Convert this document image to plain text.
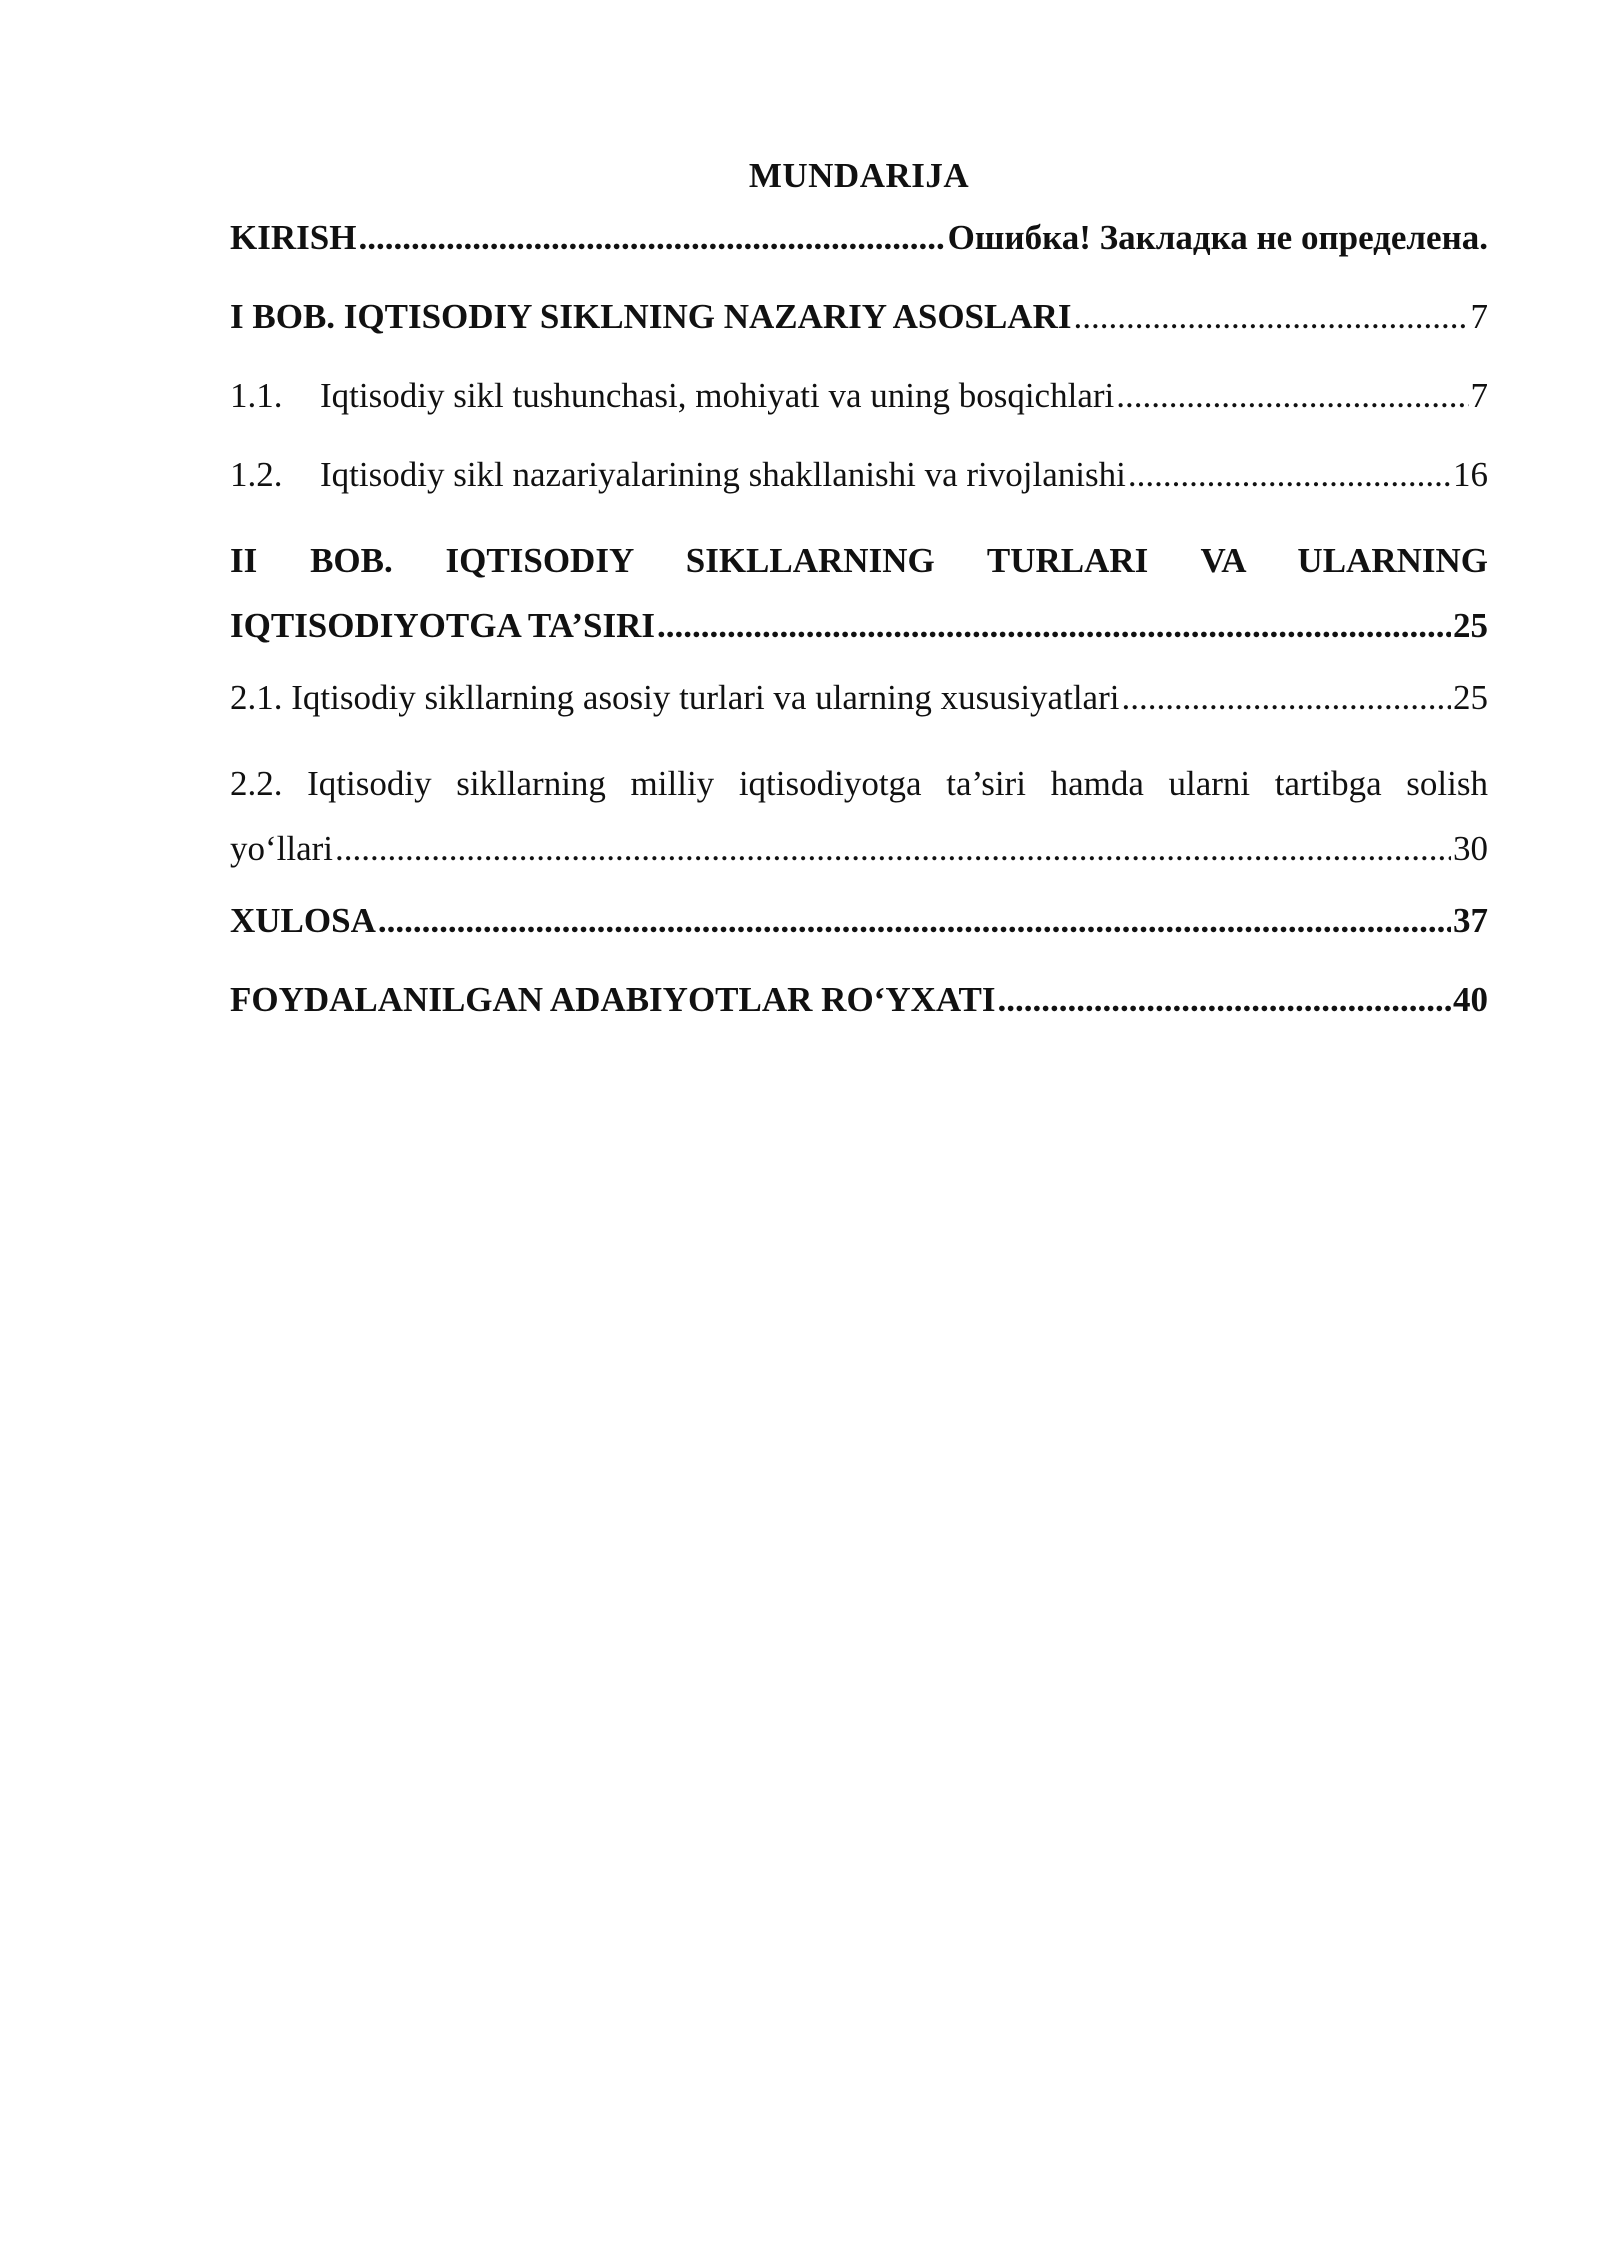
MUNDARIJA
KIRISH .....	Ошибка! Закладка не определена.
I BOB. IQTISODIY SIKLNING NAZARIY ASOSLARI .....	7
1.1.	Iqtisodiy sikl tushunchasi, mohiyati va uning bosqichlari .....	7
1.2.	Iqtisodiy sikl nazariyalarining shakllanishi va rivojlanishi .....	16
II BOB. IQTISODIY SIKLLARNING TURLARI VA ULARNING
IQTISODIYOTGA TA’SIRI .....	25
2.1. Iqtisodiy sikllarning asosiy turlari va ularning xususiyatlari .....	25
2.2. Iqtisodiy sikllarning milliy iqtisodiyotga ta’siri hamda ularni tartibga solish
yo‘llari .....	30
XULOSA .....	37
FOYDALANILGAN ADABIYOTLAR RO‘YXATI .....	40
